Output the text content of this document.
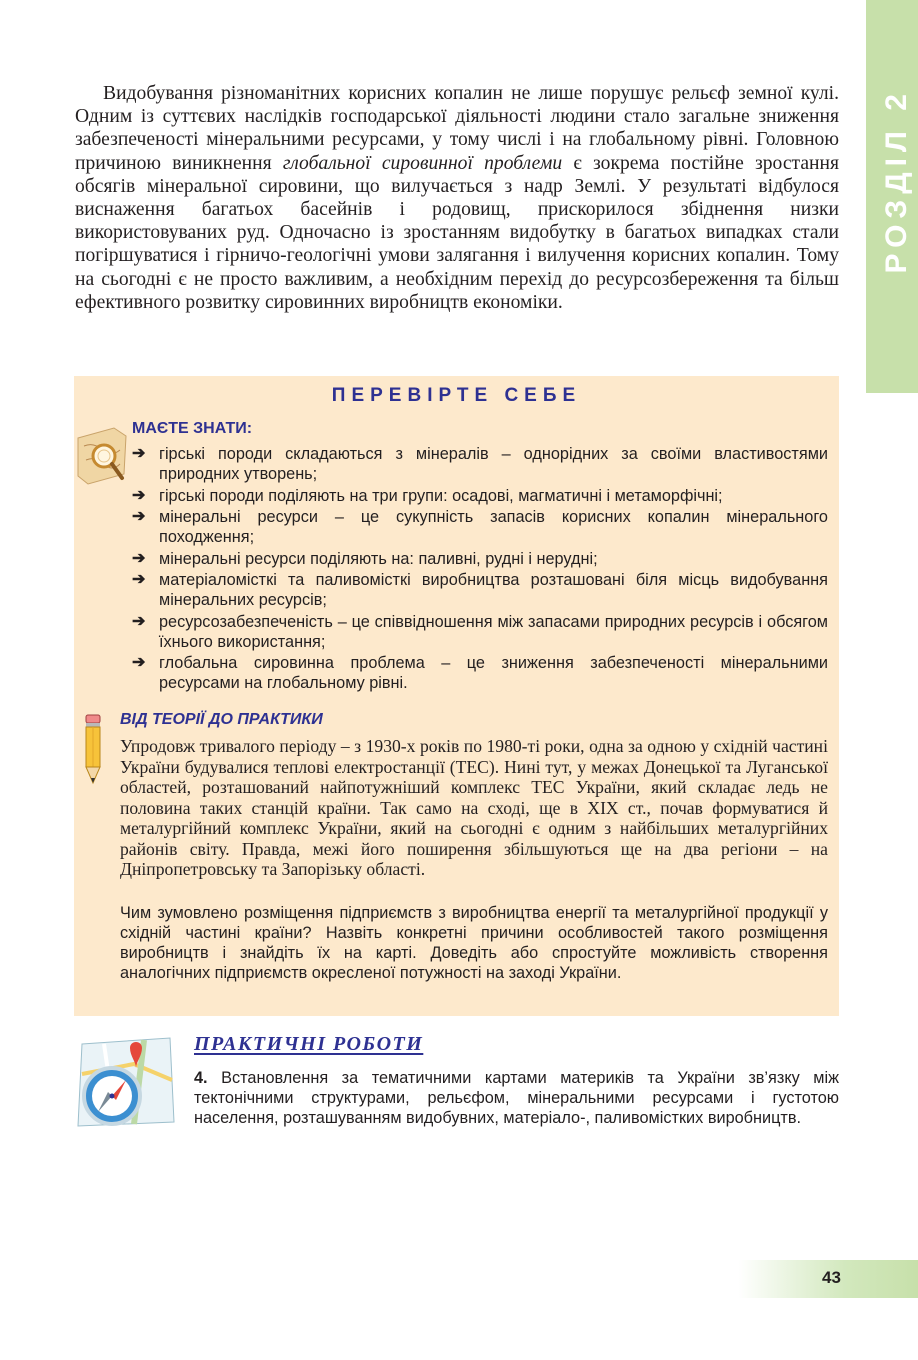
РОЗДІЛ 2

Видобування різноманітних корисних копалин не лише порушує рельєф земної кулі. Одним із суттєвих наслідків господарської діяльності людини стало загальне зниження забезпеченості мінеральними ресурсами, у тому числі і на глобальному рівні. Головною причиною виникнення глобальної сировинної проблеми є зокрема постійне зростання обсягів мінеральної сировини, що вилучається з надр Землі. У результаті відбулося виснаження багатьох басейнів і родовищ, прискорилося збіднення низки використовуваних руд. Одночасно із зростанням видобутку в багатьох випадках стали погіршуватися і гірничо-геологічні умови залягання і вилучення корисних копалин. Тому на сьогодні є не просто важливим, а необхідним перехід до ресурсозбереження та більш ефективного розвитку сировинних виробництв економіки.

ПЕРЕВІРТЕ СЕБЕ
МАЄТЕ ЗНАТИ:
➔ гірські породи складаються з мінералів – однорідних за своїми властивостями природних утворень;
➔ гірські породи поділяють на три групи: осадові, магматичні і метаморфічні;
➔ мінеральні ресурси – це сукупність запасів корисних копалин мінерального походження;
➔ мінеральні ресурси поділяють на: паливні, рудні і нерудні;
➔ матеріаломісткі та паливомісткі виробництва розташовані біля місць видобування мінеральних ресурсів;
➔ ресурсозабезпеченість – це співвідношення між запасами природних ресурсів і обсягом їхнього використання;
➔ глобальна сировинна проблема – це зниження забезпеченості мінеральними ресурсами на глобальному рівні.
ВІД ТЕОРІЇ ДО ПРАКТИКИ

Упродовж тривалого періоду – з 1930-х років по 1980-ті роки, одна за одною у східній частині України будувалися теплові електростанції (ТЕС). Нині тут, у межах Донецької та Луганської областей, розташований найпотужніший комплекс ТЕС України, який складає ледь не половина таких станцій країни. Так само на сході, ще в XIX ст., почав формуватися й металургійний комплекс України, який на сьогодні є одним з найбільших металургійних районів світу. Правда, межі його поширення збільшуються ще на два регіони – на Дніпропетровську та Запорізьку області.

Чим зумовлено розміщення підприємств з виробництва енергії та металургійної продукції у східній частині країни? Назвіть конкретні причини особливостей такого розміщення виробництв і знайдіть їх на карті. Доведіть або спростуйте можливість створення аналогічних підприємств окресленої потужності на заході України.

ПРАКТИЧНІ РОБОТИ

4. Встановлення за тематичними картами материків та України зв’язку між тектонічними структурами, рельєфом, мінеральними ресурсами і густотою населення, розташуванням видобувних, матеріало-, паливомістких виробництв.

43
